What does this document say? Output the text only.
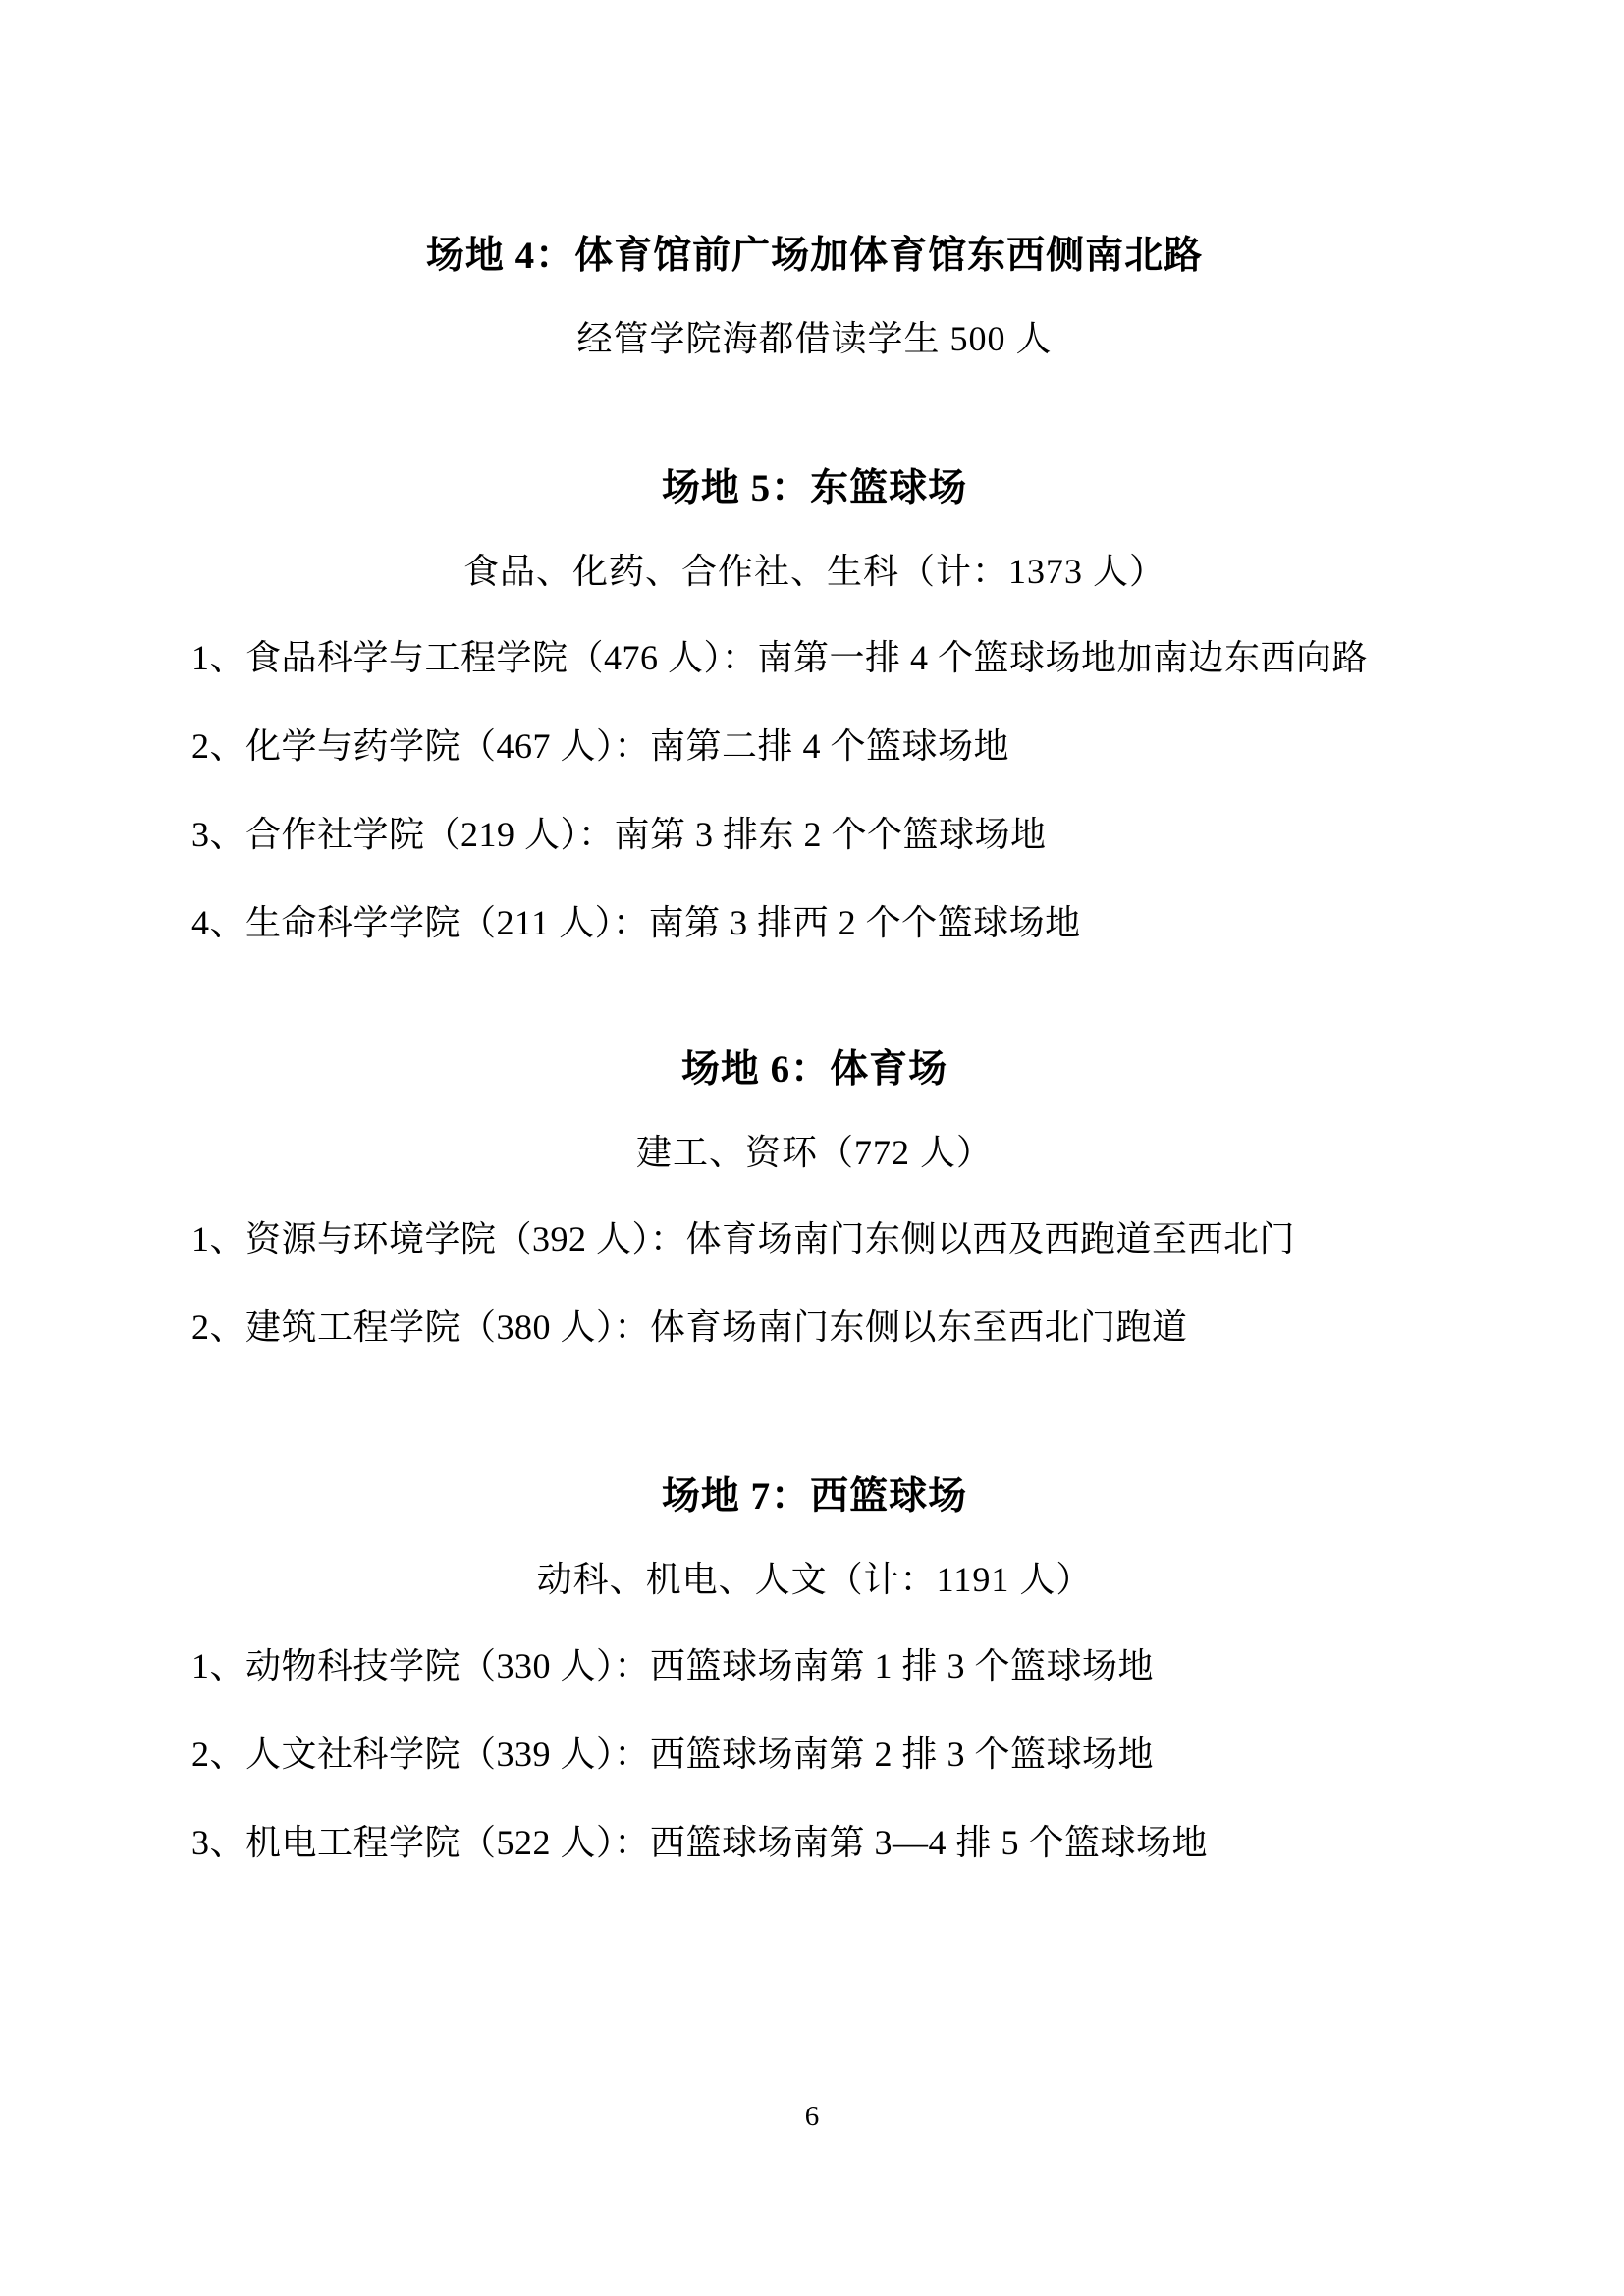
场地 4：体育馆前广场加体育馆东西侧南北路
经管学院海都借读学生 500 人
场地 5：东篮球场
食品、化药、合作社、生科（计：1373 人）
1、食品科学与工程学院（476 人）：南第一排 4 个篮球场地加南边东西向路
2、化学与药学院（467 人）：南第二排 4 个篮球场地
3、合作社学院（219 人）：南第 3 排东 2 个个篮球场地
4、生命科学学院（211 人）：南第 3 排西 2 个个篮球场地
场地 6：体育场
建工、资环（772 人）
1、资源与环境学院（392 人）：体育场南门东侧以西及西跑道至西北门
2、建筑工程学院（380 人）：体育场南门东侧以东至西北门跑道
场地 7：西篮球场
动科、机电、人文（计：1191 人）
1、动物科技学院（330 人）：西篮球场南第 1 排 3 个篮球场地
2、人文社科学院（339 人）：西篮球场南第 2 排 3 个篮球场地
3、机电工程学院（522 人）：西篮球场南第 3—4 排 5 个篮球场地
6
